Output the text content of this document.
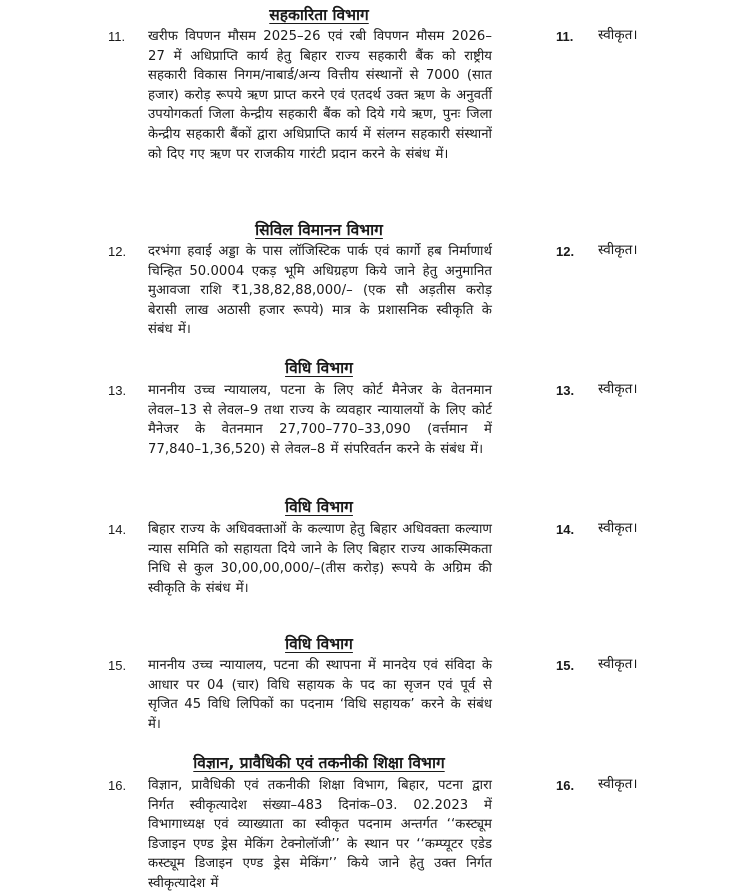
सहकारिता विभाग
11. खरीफ विपणन मौसम 2025–26 एवं रबी विपणन मौसम 2026–27 में अधिप्राप्ति कार्य हेतु बिहार राज्य सहकारी बैंक को राष्ट्रीय सहकारी विकास निगम/नाबार्ड/अन्य वित्तीय संस्थानों से 7000 (सात हजार) करोड़ रूपये ऋण प्राप्त करने एवं एतदर्थ उक्त ऋण के अनुवर्ती उपयोगकर्ता जिला केन्द्रीय सहकारी बैंक को दिये गये ऋण, पुनः जिला केन्द्रीय सहकारी बैंकों द्वारा अधिप्राप्ति कार्य में संलग्न सहकारी संस्थानों को दिए गए ऋण पर राजकीय गारंटी प्रदान करने के संबंध में।
11. स्वीकृत।
सिविल विमानन विभाग
12. दरभंगा हवाई अड्डा के पास लॉजिस्टिक पार्क एवं कार्गो हब निर्माणार्थ चिन्हित 50.0004 एकड़ भूमि अधिग्रहण किये जाने हेतु अनुमानित मुआवजा राशि ₹1,38,82,88,000/– (एक सौ अड़तीस करोड़ बेरासी लाख अठासी हजार रूपये) मात्र के प्रशासनिक स्वीकृति के संबंध में।
12. स्वीकृत।
विधि विभाग
13. माननीय उच्च न्यायालय, पटना के लिए कोर्ट मैनेजर के वेतनमान लेवल–13 से लेवल–9 तथा राज्य के व्यवहार न्यायालयों के लिए कोर्ट मैनेजर के वेतनमान 27,700–770–33,090 (वर्त्तमान में 77,840–1,36,520) से लेवल–8 में संपरिवर्तन करने के संबंध में।
13. स्वीकृत।
विधि विभाग
14. बिहार राज्य के अधिवक्ताओं के कल्याण हेतु बिहार अधिवक्ता कल्याण न्यास समिति को सहायता दिये जाने के लिए बिहार राज्य आकस्मिकता निधि से कुल 30,00,00,000/–(तीस करोड़) रूपये के अग्रिम की स्वीकृति के संबंध में।
14. स्वीकृत।
विधि विभाग
15. माननीय उच्च न्यायालय, पटना की स्थापना में मानदेय एवं संविदा के आधार पर 04 (चार) विधि सहायक के पद का सृजन एवं पूर्व से सृजित 45 विधि लिपिकों का पदनाम ‘विधि सहायक’ करने के संबंध में।
15. स्वीकृत।
विज्ञान, प्रावैधिकी एवं तकनीकी शिक्षा विभाग
16. विज्ञान, प्रावैधिकी एवं तकनीकी शिक्षा विभाग, बिहार, पटना द्वारा निर्गत स्वीकृत्यादेश संख्या–483 दिनांक–03. 02.2023 में विभागाध्यक्ष एवं व्याख्याता का स्वीकृत पदनाम अन्तर्गत ‘‘कस्ट्यूम डिजाइन एण्ड ड्रेस मेकिंग टेक्नोलॉजी’’ के स्थान पर ‘‘कम्प्यूटर एडेड कस्ट्यूम डिजाइन एण्ड ड्रेस मेकिंग’’ किये जाने हेतु उक्त निर्गत स्वीकृत्यादेश में
16. स्वीकृत।
